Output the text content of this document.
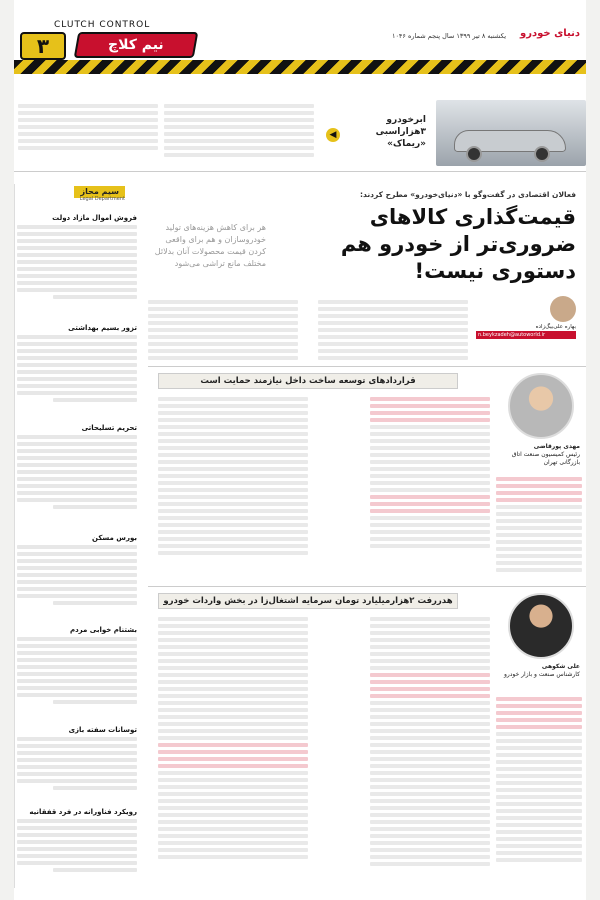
CLUTCH CONTROL
نیم کلاچ
۳	یکشنبه ۸ تیر ۱۳۹۹ سال پنجم شماره ۱۰۴۶ دنیای خودرو
ابرخودرو ۳هزاراسبی «ریماک»
◀
سیم‌ محاز
Legal Department
فروش اموال مازاد دولت
تزور بسیم بهداشتی
تحریم تسلیحاتی
بورس مسکن
بشتنام خوابی مردم
توسانات سفته بازی
رویکرد فناورانه در فرد قفقانیه
فعالان اقتصادی در گفت‌وگو با «دنیای‌خودرو» مطرح کردند:
قیمت‌گذاری کالاهای ضروری‌تر از خودرو هم دستوری نیست!
هر برای کاهش هزینه‌های تولید خودروسازان و هم برای واقعی کردن قیمت محصولات آنان بد‌لائل مختلف مانع تراشی می‌شود
بهاره علی‌بیگ‌زاده
n.beykzadeh@autoworld.ir
قراردادهای توسعه ساخت داخل نیازمند حمایت است
مهدی پورقاضی
رئیس کمیسیون صنعت اتاق بازرگانی تهران
هدررفت ۲هزارمیلیارد تومان سرمایه اشتغال‌زا در بخش واردات خودرو
علی شکوهی
کارشناس صنعت و بازار خودرو
